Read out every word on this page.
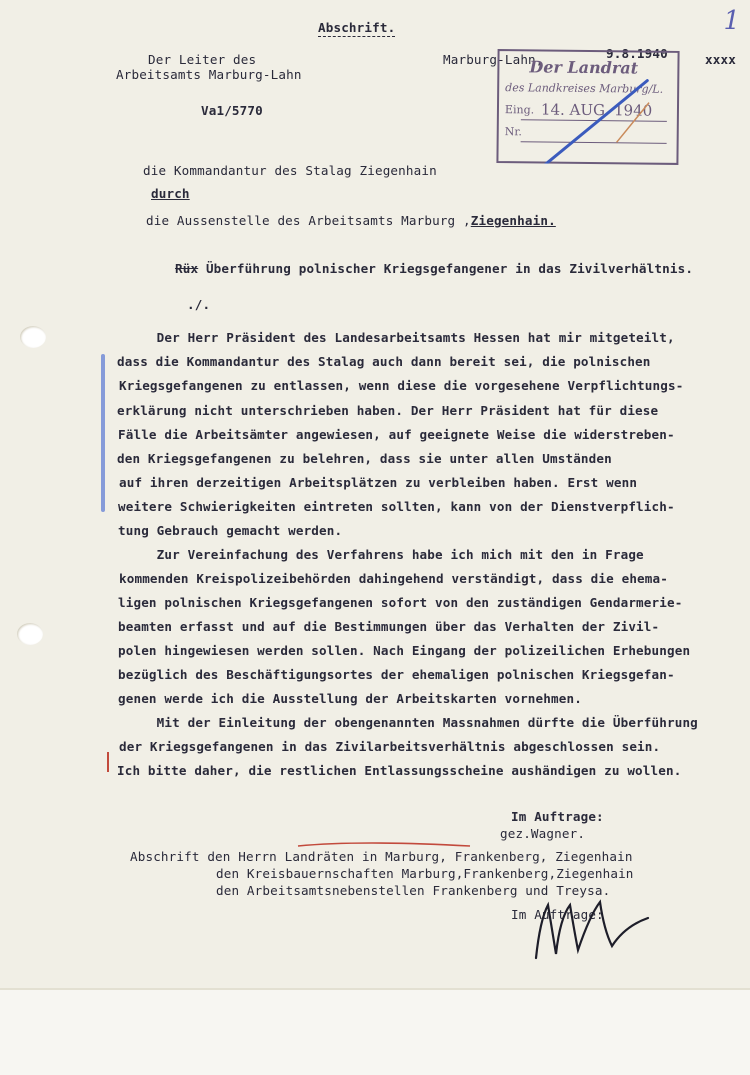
1
Abschrift.
Der Leiter des
Arbeitsamts Marburg-Lahn
Va1/5770
Marburg-Lahn,	9.8.1940	xxxx
Der Landrat
des Landkreises Marburg/L.
Eing. 14. AUG. 1940
Nr.
die Kommandantur des Stalag Ziegenhain
durch
die Aussenstelle des Arbeitsamts Marburg ,Ziegenhain.
Rüx Überführung polnischer Kriegsgefangener in das Zivilverhältnis.
./.
Der Herr Präsident des Landesarbeitsamts Hessen hat mir mitgeteilt,
dass die Kommandantur des Stalag auch dann bereit sei, die polnischen
Kriegsgefangenen zu entlassen, wenn diese die vorgesehene Verpflichtungs-
erklärung nicht unterschrieben haben. Der Herr Präsident hat für diese
Fälle die Arbeitsämter angewiesen, auf geeignete Weise die widerstreben-
den Kriegsgefangenen zu belehren, dass sie unter allen Umständen
auf ihren derzeitigen Arbeitsplätzen zu verbleiben haben. Erst wenn
weitere Schwierigkeiten eintreten sollten, kann von der Dienstverpflich-
tung Gebrauch gemacht werden.
Zur Vereinfachung des Verfahrens habe ich mich mit den in Frage
kommenden Kreispolizeibehörden dahingehend verständigt, dass die ehema-
ligen polnischen Kriegsgefangenen sofort von den zuständigen Gendarmerie-
beamten erfasst und auf die Bestimmungen über das Verhalten der Zivil-
polen hingewiesen werden sollen. Nach Eingang der polizeilichen Erhebungen
bezüglich des Beschäftigungsortes der ehemaligen polnischen Kriegsgefan-
genen werde ich die Ausstellung der Arbeitskarten vornehmen.
Mit der Einleitung der obengenannten Massnahmen dürfte die Überführung
der Kriegsgefangenen in das Zivilarbeitsverhältnis abgeschlossen sein.
Ich bitte daher, die restlichen Entlassungsscheine aushändigen zu wollen.
Im Auftrage:
gez.Wagner.
Abschrift den Herrn Landräten in Marburg, Frankenberg, Ziegenhain
den Kreisbauernschaften Marburg,Frankenberg,Ziegenhain
den Arbeitsamtsnebenstellen Frankenberg und Treysa.
Im Auftrage:
